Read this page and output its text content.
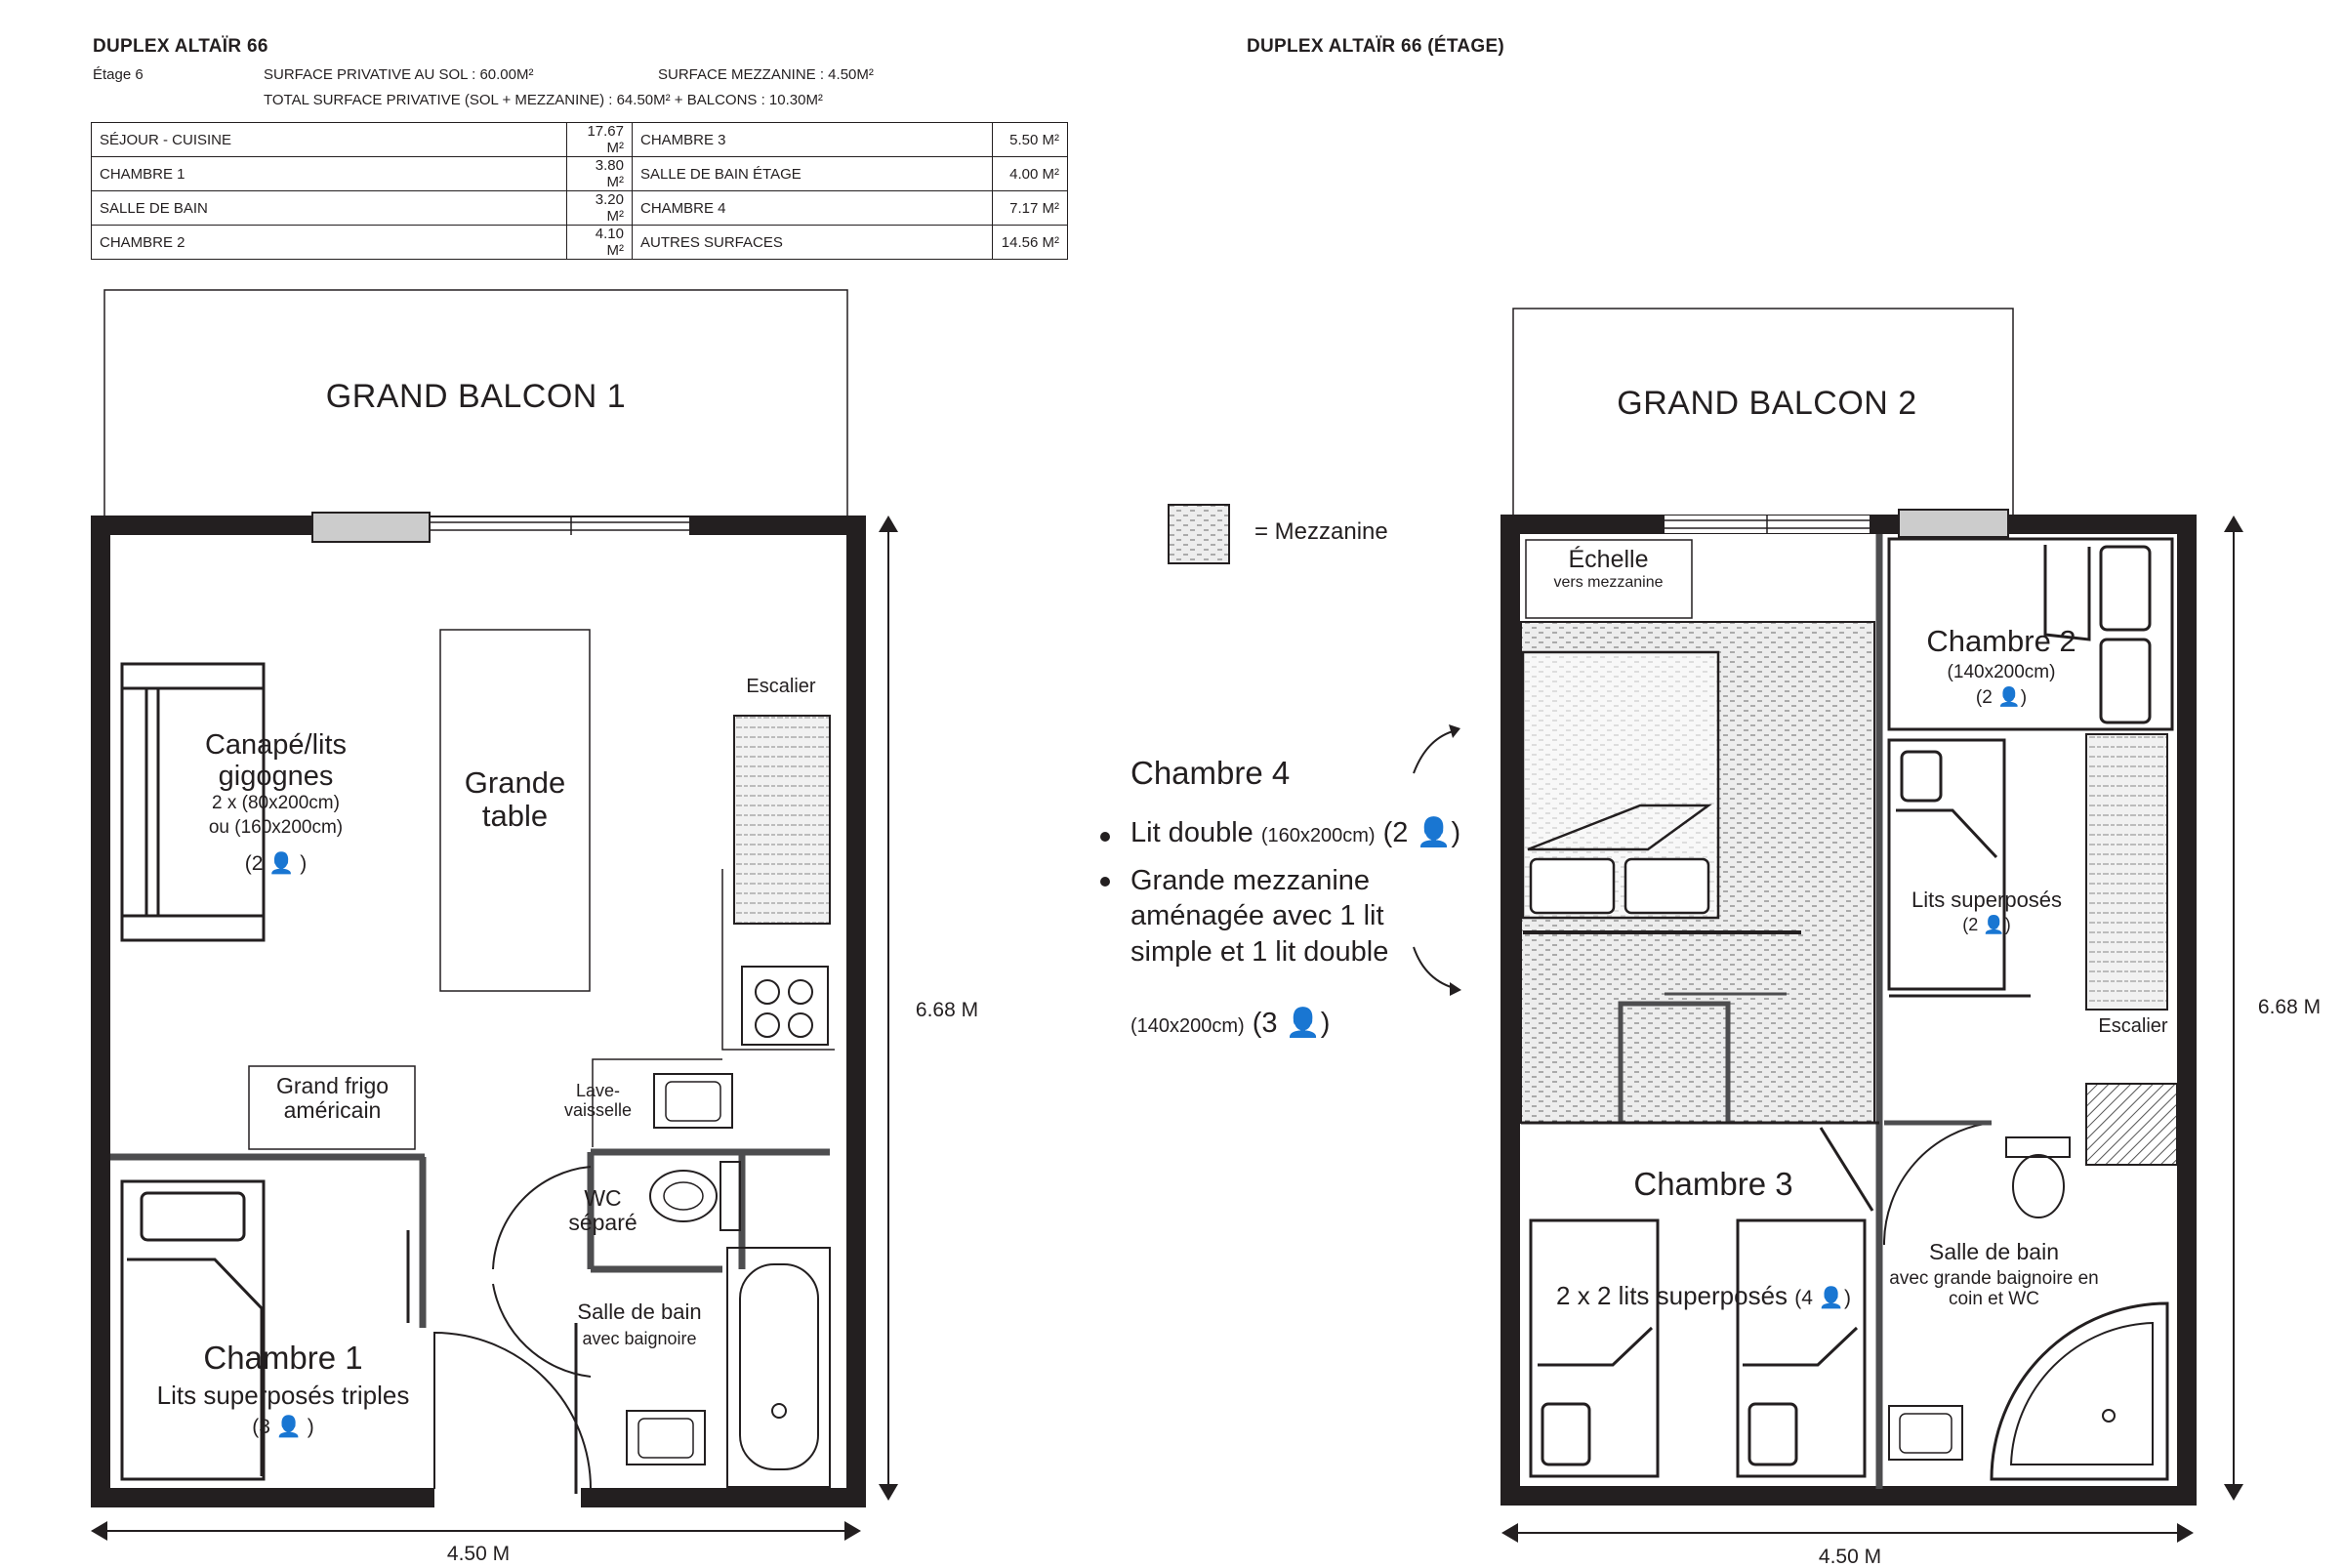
DUPLEX ALTAÏR 66	DUPLEX ALTAÏR 66 (ÉTAGE)
Étage 6	SURFACE PRIVATIVE AU SOL : 60.00M²	SURFACE MEZZANINE : 4.50M²
TOTAL SURFACE PRIVATIVE (SOL + MEZZANINE) : 64.50M² + BALCONS : 10.30M²
SÉJOUR - CUISINE	17.67 M²	CHAMBRE 3	5.50 M²
CHAMBRE 1	3.80 M²	SALLE DE BAIN ÉTAGE	4.00 M²
SALLE DE BAIN	3.20 M²	CHAMBRE 4	7.17 M²
CHAMBRE 2	4.10 M²	AUTRES SURFACES	14.56 M²
GRAND BALCON 1
Escalier
Canapé/lits gigognes
2 x (80x200cm)
ou (160x200cm)
(2 👤 )
Grande table
Grand frigo américain
Lave-vaisselle
WC séparé
Salle de bain
avec baignoire
Chambre 1
Lits superposés triples
(3 👤 )
6.68 M
4.50 M
= Mezzanine
GRAND BALCON 2
Échelle
vers mezzanine
Chambre 2
(140x200cm)
(2 👤)
Lits superposés
(2 👤)
Escalier
Chambre 4
Lit double (160x200cm) (2 👤)
Grande mezzanine aménagée avec 1 lit simple et 1 lit double
(140x200cm) (3 👤)
Chambre 3
2 x 2 lits superposés (4 👤)
Salle de bain
avec grande baignoire en coin et WC
6.68 M
4.50 M
